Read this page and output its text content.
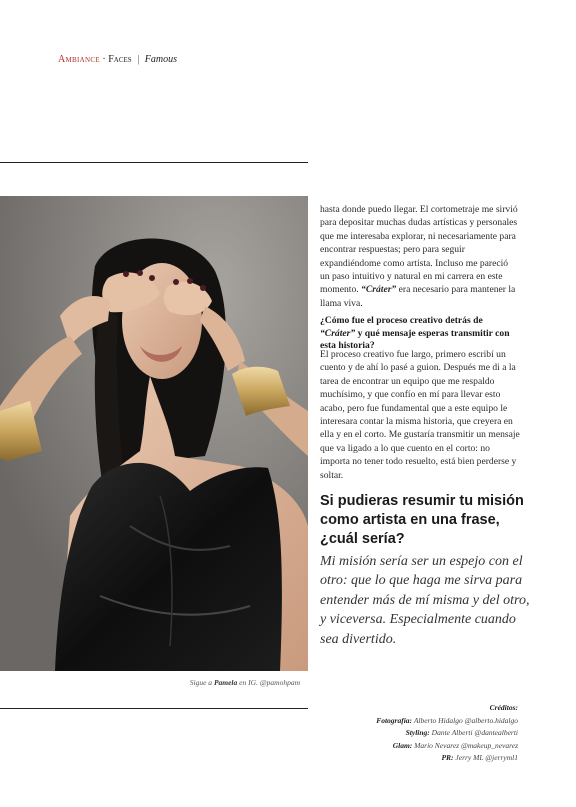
Ambiance · Faces | Famous
Sigue a Pamela en IG. @pamohpam
hasta donde puedo llegar. El cortometraje me sirvió para depositar muchas dudas artísticas y personales que me interesaba explorar, ni necesariamente para encontrar respuestas; pero para seguir expandiéndome como artista. Incluso me pareció un paso intuitivo y natural en mi carrera en este momento. “Cráter” era necesario para mantener la llama viva.
¿Cómo fue el proceso creativo detrás de “Cráter” y qué mensaje esperas transmitir con esta historia?
El proceso creativo fue largo, primero escribí un cuento y de ahí lo pasé a guion. Después me di a la tarea de encontrar un equipo que me respaldo muchísimo, y que confío en mí para llevar esto acabo, pero fue fundamental que a este equipo le interesara contar la misma historia, que creyera en ella y en el corto. Me gustaría transmitir un mensaje que va ligado a lo que cuento en el corto: no importa no tener todo resuelto, está bien perderse y soltar.
Si pudieras resumir tu misión como artista en una frase, ¿cuál sería?
Mi misión sería ser un espejo con el otro: que lo que haga me sirva para entender más de mí misma y del otro, y viceversa. Especialmente cuando sea divertido.
Créditos:
Fotografía: Alberto Hidalgo @alberto.hidalgo
Styling: Dante Alberti @dantealberti
Glam: Mario Nevarez @makeup_nevarez
PR: Jerry ML @jerryml1
